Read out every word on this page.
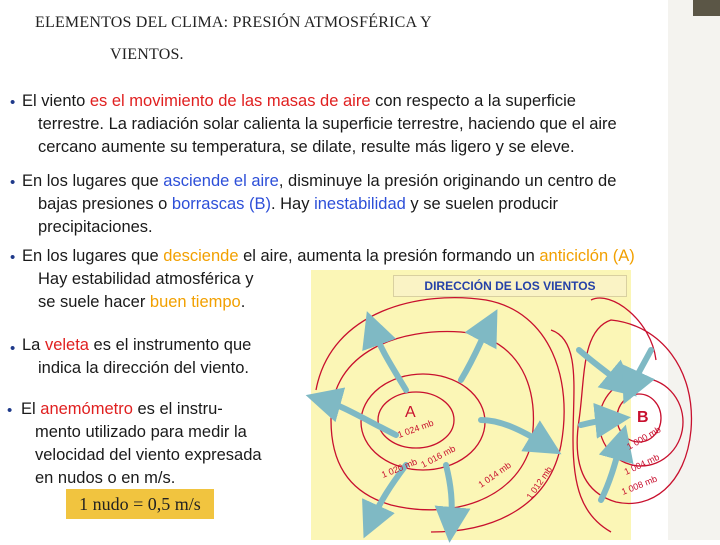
ELEMENTOS DEL CLIMA: PRESIÓN ATMOSFÉRICA Y
VIENTOS.
• El viento es el movimiento de las masas de aire con respecto a la superficie
terrestre. La radiación solar calienta la superficie terrestre, haciendo que el aire
cercano aumente su temperatura, se dilate, resulte más ligero y se eleve.
• En los lugares que asciende el aire, disminuye la presión originando un centro de
bajas presiones o borrascas (B). Hay inestabilidad y se suelen producir
precipitaciones.
• En los lugares que desciende el aire, aumenta la presión formando un anticiclón (A)
Hay estabilidad atmosférica y
se suele hacer buen tiempo.
• La veleta es el instrumento que
indica la dirección del viento.
• El anemómetro es el instru-
mento utilizado para medir la
velocidad del viento expresada
en nudos o en m/s.
1 nudo = 0,5 m/s
A	B
1 024 mb
1 020 mb 1 016 mb
1 014 mb 1 012 mb	1 008 mb
1 004 mb
1 000 mb
DIRECCIÓN DE LOS VIENTOS
